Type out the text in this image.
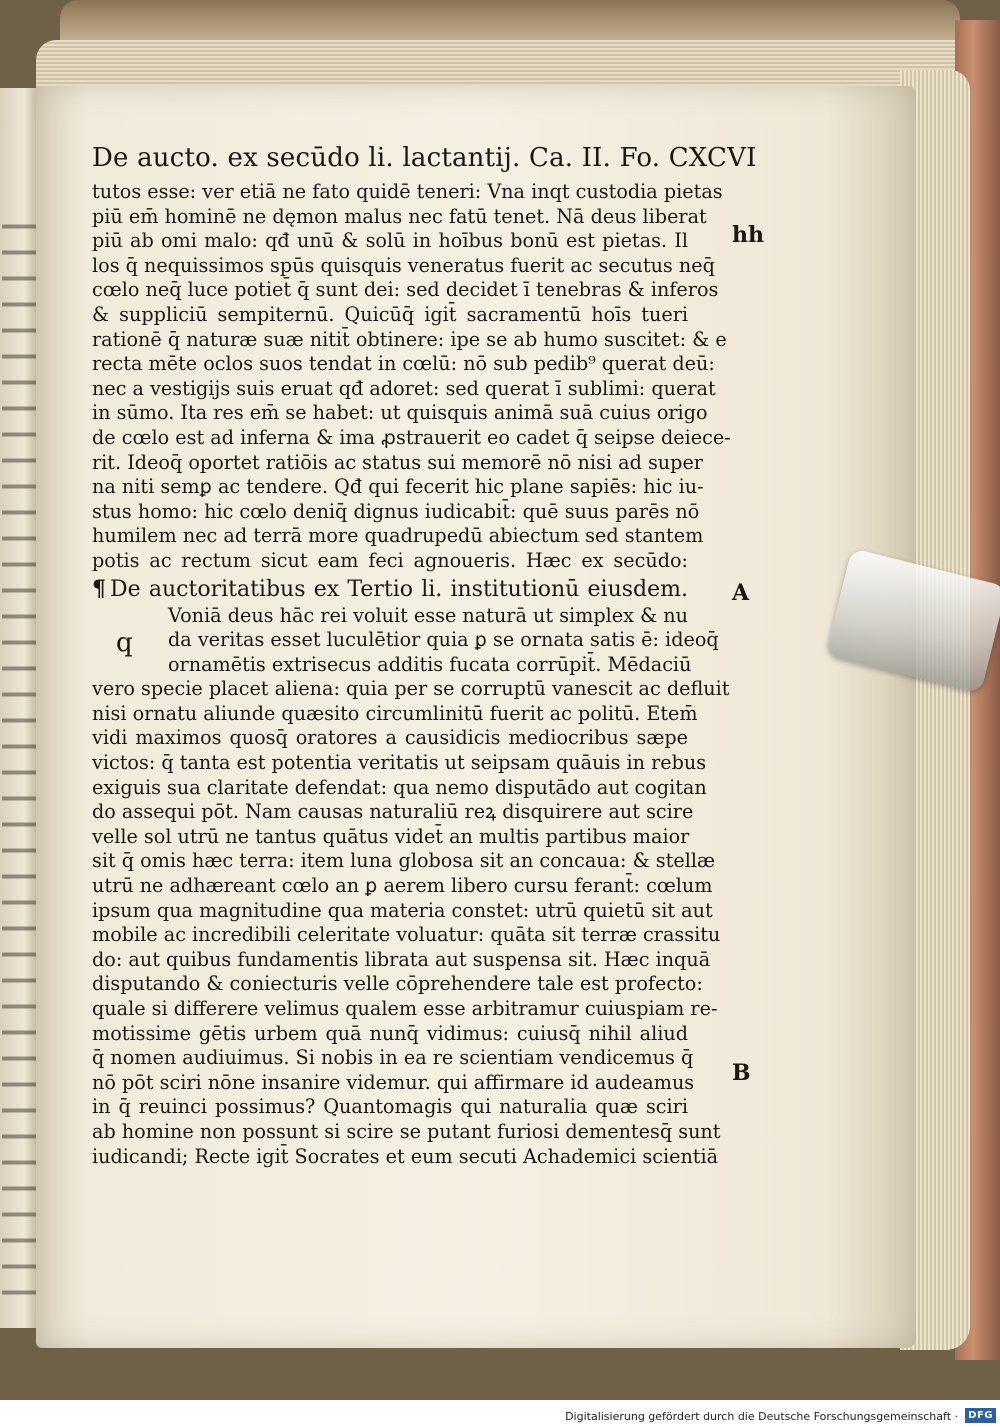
De aucto. ex secūdo li. lactantij. Ca. II. Fo. CXCVI
tutos esse: ver etiā ne fato quidē teneri: Vna inqt custodia pietas
piū em̄ hominē ne dęmon malus nec fatū tenet. Nā deus liberat
piū ab omi malo: qđ unū & solū in hoībus bonū est pietas. Il
los q̄ nequissimos spūs quisquis veneratus fuerit ac secutus neq̄
cœlo neq̄ luce potiet̄ q̄ sunt dei: sed decidet ī tenebras & inferos
& suppliciū sempiternū. Quicūq̄ igit̄ sacramentū hoīs tueri
rationē q̄ naturæ suæ nitit̄ obtinere: ipe se ab humo suscitet: & e
recta mēte oclos suos tendat in cœlū: nō sub pedib⁹ querat deū:
nec a vestigijs suis eruat qđ adoret: sed querat ī sublimi: querat
in sūmo. Ita res em̄ se habet: ut quisquis animā suā cuius origo
de cœlo est ad inferna & ima ꝓstrauerit eo cadet q̄ seipse deiece-
rit. Ideoq̄ oportet ratiōis ac status sui memorē nō nisi ad super
na niti semꝑ ac tendere. Qđ qui fecerit hic plane sapiēs: hic iu-
stus homo: hic cœlo deniq̄ dignus iudicabit̄: quē suus parēs nō
humilem nec ad terrā more quadrupedū abiectum sed stantem
potis ac rectum sicut eam feci agnoueris. Hæc ex secūdo:
¶ De auctoritatibus ex Tertio li. institutionū eiusdem.
q
Voniā deus hāc rei voluit esse naturā ut simplex & nu
da veritas esset luculētior quia ꝑ se ornata satis ē: ideoq̄
ornamētis extrisecus additis fucata corrūpit̄. Mēdaciū
vero specie placet aliena: quia per se corruptū vanescit ac defluit
nisi ornatu aliunde quæsito circumlinitū fuerit ac politū. Etem̄
vidi maximos quosq̄ oratores a causidicis mediocribus sæpe
victos: q̄ tanta est potentia veritatis ut seipsam quāuis in rebus
exiguis sua claritate defendat: qua nemo disputādo aut cogitan
do assequi pōt. Nam causas naturaliū reꝝ disquirere aut scire
velle sol utrū ne tantus quātus videt̄ an multis partibus maior
sit q̄ omis hæc terra: item luna globosa sit an concaua: & stellæ
utrū ne adhæreant cœlo an ꝑ aerem libero cursu ferant̄: cœlum
ipsum qua magnitudine qua materia constet: utrū quietū sit aut
mobile ac incredibili celeritate voluatur: quāta sit terræ crassitu
do: aut quibus fundamentis librata aut suspensa sit. Hæc inquā
disputando & coniecturis velle cōprehendere tale est profecto:
quale si differere velimus qualem esse arbitramur cuiuspiam re-
motissime gētis urbem quā nunq̄ vidimus: cuiusq̄ nihil aliud
q̄ nomen audiuimus. Si nobis in ea re scientiam vendicemus q̄
nō pōt sciri nōne insanire videmur. qui affirmare id audeamus
in q̄ reuinci possimus? Quantomagis qui naturalia quæ sciri
ab homine non possunt si scire se putant furiosi dementesq̄ sunt
iudicandi; Recte igit̄ Socrates et eum secuti Achademici scientiā
hh
A
B
Digitalisierung gefördert durch die Deutsche Forschungsgemeinschaft ·	DFG
